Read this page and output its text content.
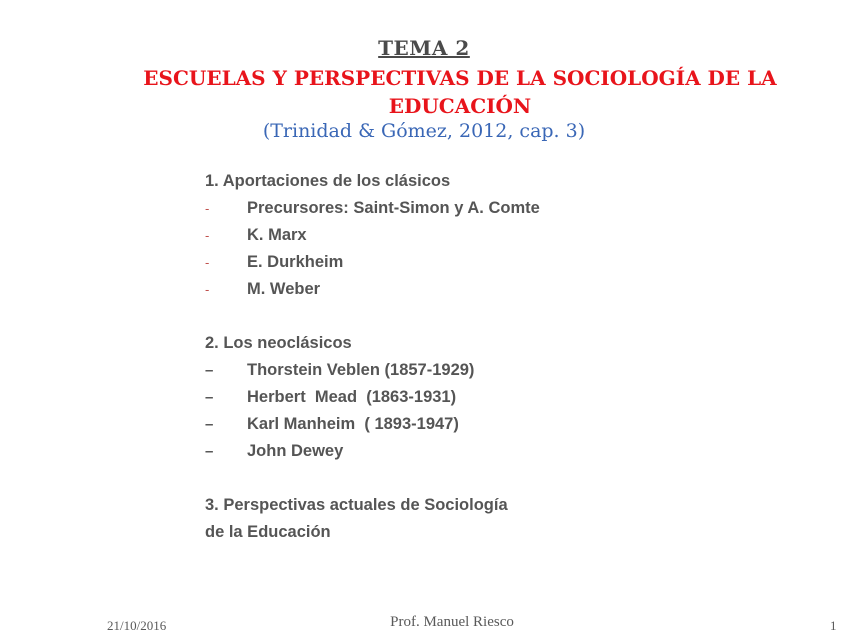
TEMA 2
ESCUELAS Y PERSPECTIVAS DE LA SOCIOLOGÍA DE LA EDUCACIÓN
(Trinidad & Gómez, 2012, cap. 3)

1. Aportaciones de los clásicos

- Precursores: Saint-Simon y A. Comte
- K. Marx
- E. Durkheim
- M. Weber

2. Los neoclásicos

– Thorstein Veblen (1857-1929)
– Herbert  Mead  (1863-1931)
– Karl Manheim  ( 1893-1947)
– John Dewey

3. Perspectivas actuales de Sociología

de la Educación

21/10/2016	Prof. Manuel Riesco	1
